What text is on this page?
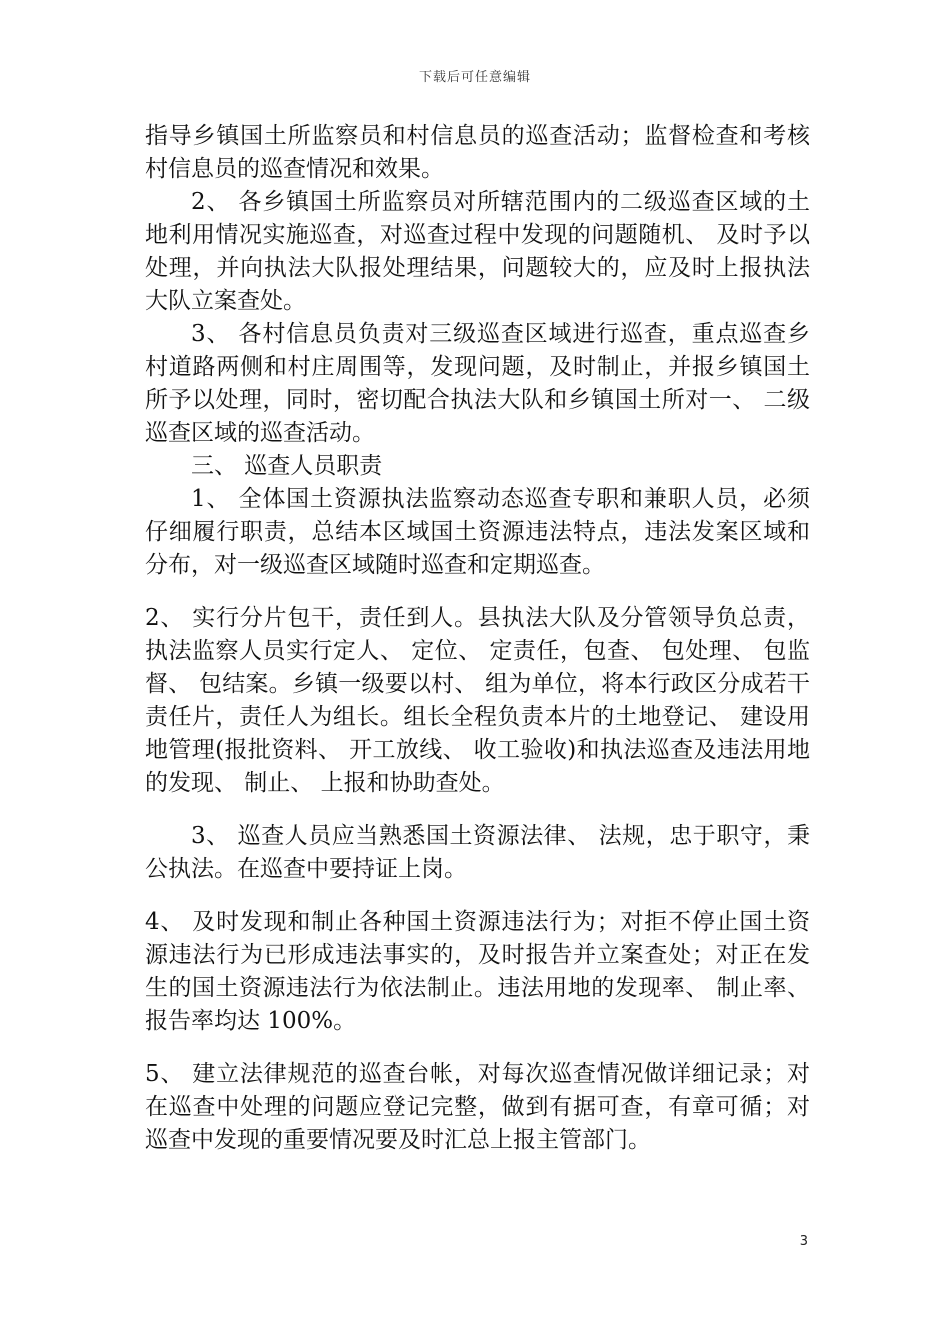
下载后可任意编辑

指导乡镇国土所监察员和村信息员的巡查活动；监督检查和考核村信息员的巡查情况和效果。

2、 各乡镇国土所监察员对所辖范围内的二级巡查区域的土地利用情况实施巡查，对巡查过程中发现的问题随机、 及时予以处理，并向执法大队报处理结果，问题较大的，应及时上报执法大队立案查处。

3、 各村信息员负责对三级巡查区域进行巡查，重点巡查乡村道路两侧和村庄周围等，发现问题，及时制止，并报乡镇国土所予以处理，同时，密切配合执法大队和乡镇国土所对一、 二级巡查区域的巡查活动。

三、 巡查人员职责

1、 全体国土资源执法监察动态巡查专职和兼职人员，必须仔细履行职责，总结本区域国土资源违法特点，违法发案区域和分布，对一级巡查区域随时巡查和定期巡查。

2、 实行分片包干，责任到人。县执法大队及分管领导负总责，执法监察人员实行定人、 定位、 定责任，包查、 包处理、 包监督、 包结案。乡镇一级要以村、 组为单位，将本行政区分成若干责任片，责任人为组长。组长全程负责本片的土地登记、 建设用地管理(报批资料、 开工放线、 收工验收)和执法巡查及违法用地的发现、 制止、 上报和协助查处。

3、 巡查人员应当熟悉国土资源法律、 法规，忠于职守，秉公执法。在巡查中要持证上岗。

4、 及时发现和制止各种国土资源违法行为；对拒不停止国土资源违法行为已形成违法事实的，及时报告并立案查处；对正在发生的国土资源违法行为依法制止。违法用地的发现率、 制止率、报告率均达 100%。

5、 建立法律规范的巡查台帐，对每次巡查情况做详细记录；对在巡查中处理的问题应登记完整，做到有据可查，有章可循；对巡查中发现的重要情况要及时汇总上报主管部门。

3
